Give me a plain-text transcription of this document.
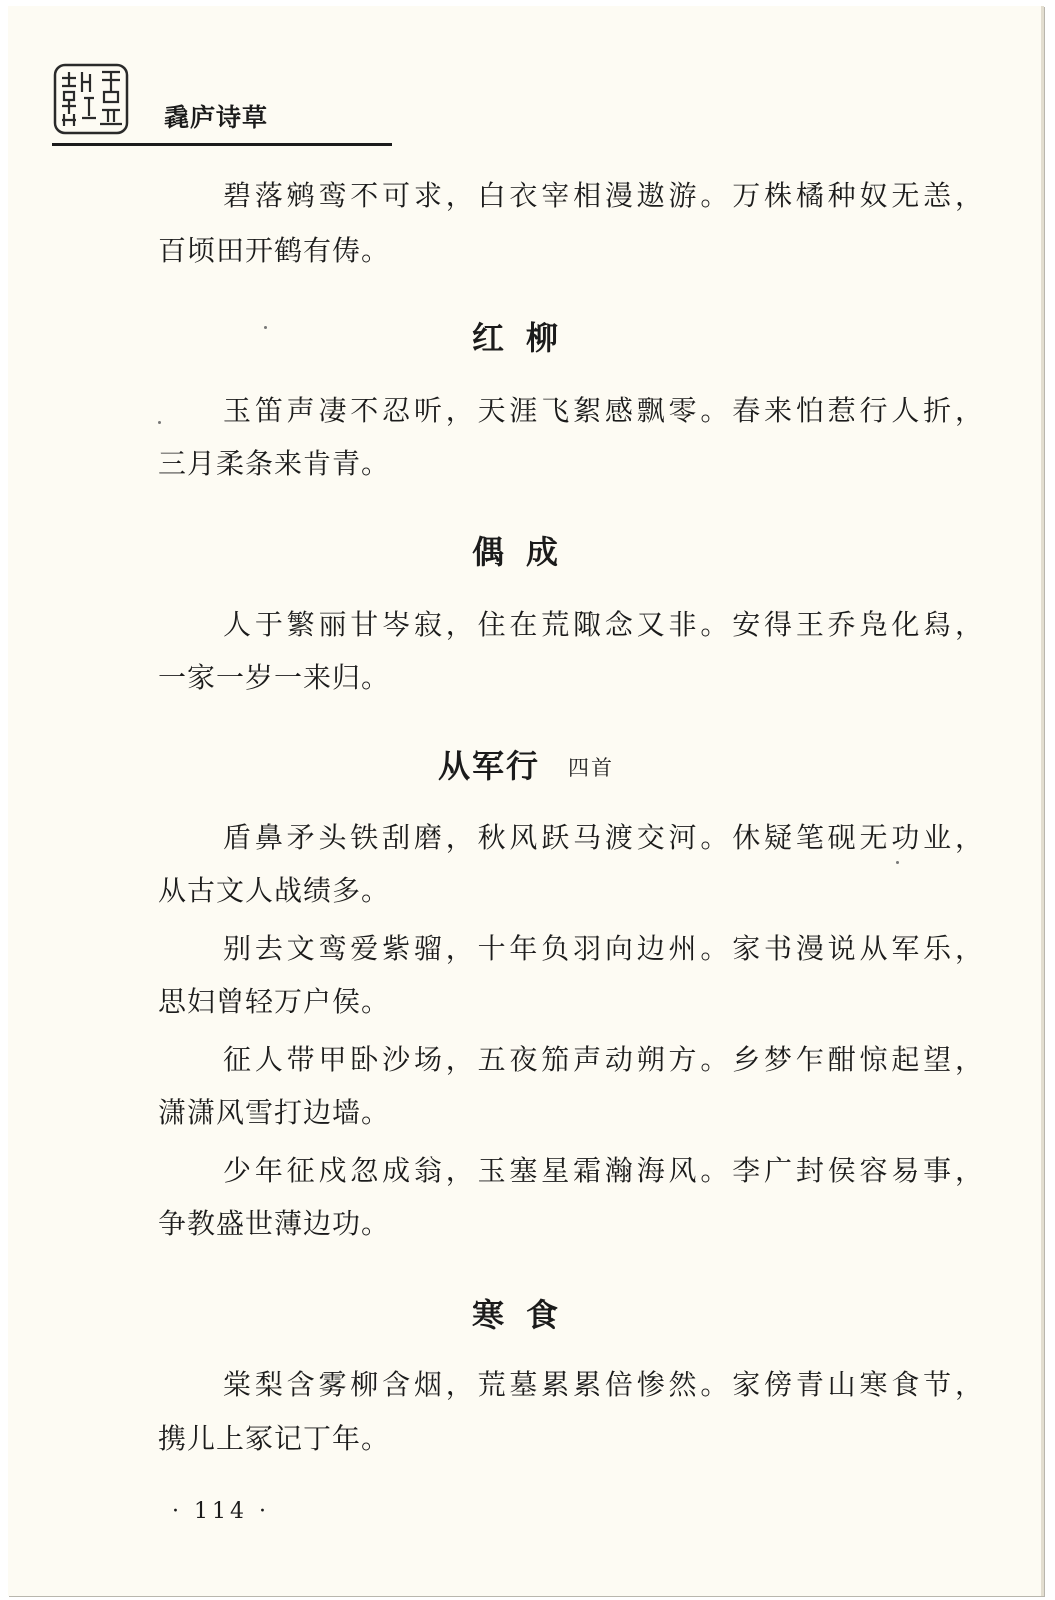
毳庐诗草
碧落鹓鸾不可求，白衣宰相漫遨游。万株橘种奴无恙，
百顷田开鹤有俦。
红柳
玉笛声凄不忍听，天涯飞絮感飘零。春来怕惹行人折，
三月柔条来肯青。
偶成
人于繁丽甘岑寂，住在荒陬念又非。安得王乔凫化舄，
一家一岁一来归。
从军行 四首
盾鼻矛头铁刮磨，秋风跃马渡交河。休疑笔砚无功业，
从古文人战绩多。
别去文鸾爱紫骝，十年负羽向边州。家书漫说从军乐，
思妇曾轻万户侯。
征人带甲卧沙场，五夜笳声动朔方。乡梦乍酣惊起望，
潇潇风雪打边墙。
少年征戍忽成翁，玉塞星霜瀚海风。李广封侯容易事，
争教盛世薄边功。
寒食
棠梨含雾柳含烟，荒墓累累倍惨然。家傍青山寒食节，
携儿上冢记丁年。
· 114 ·
